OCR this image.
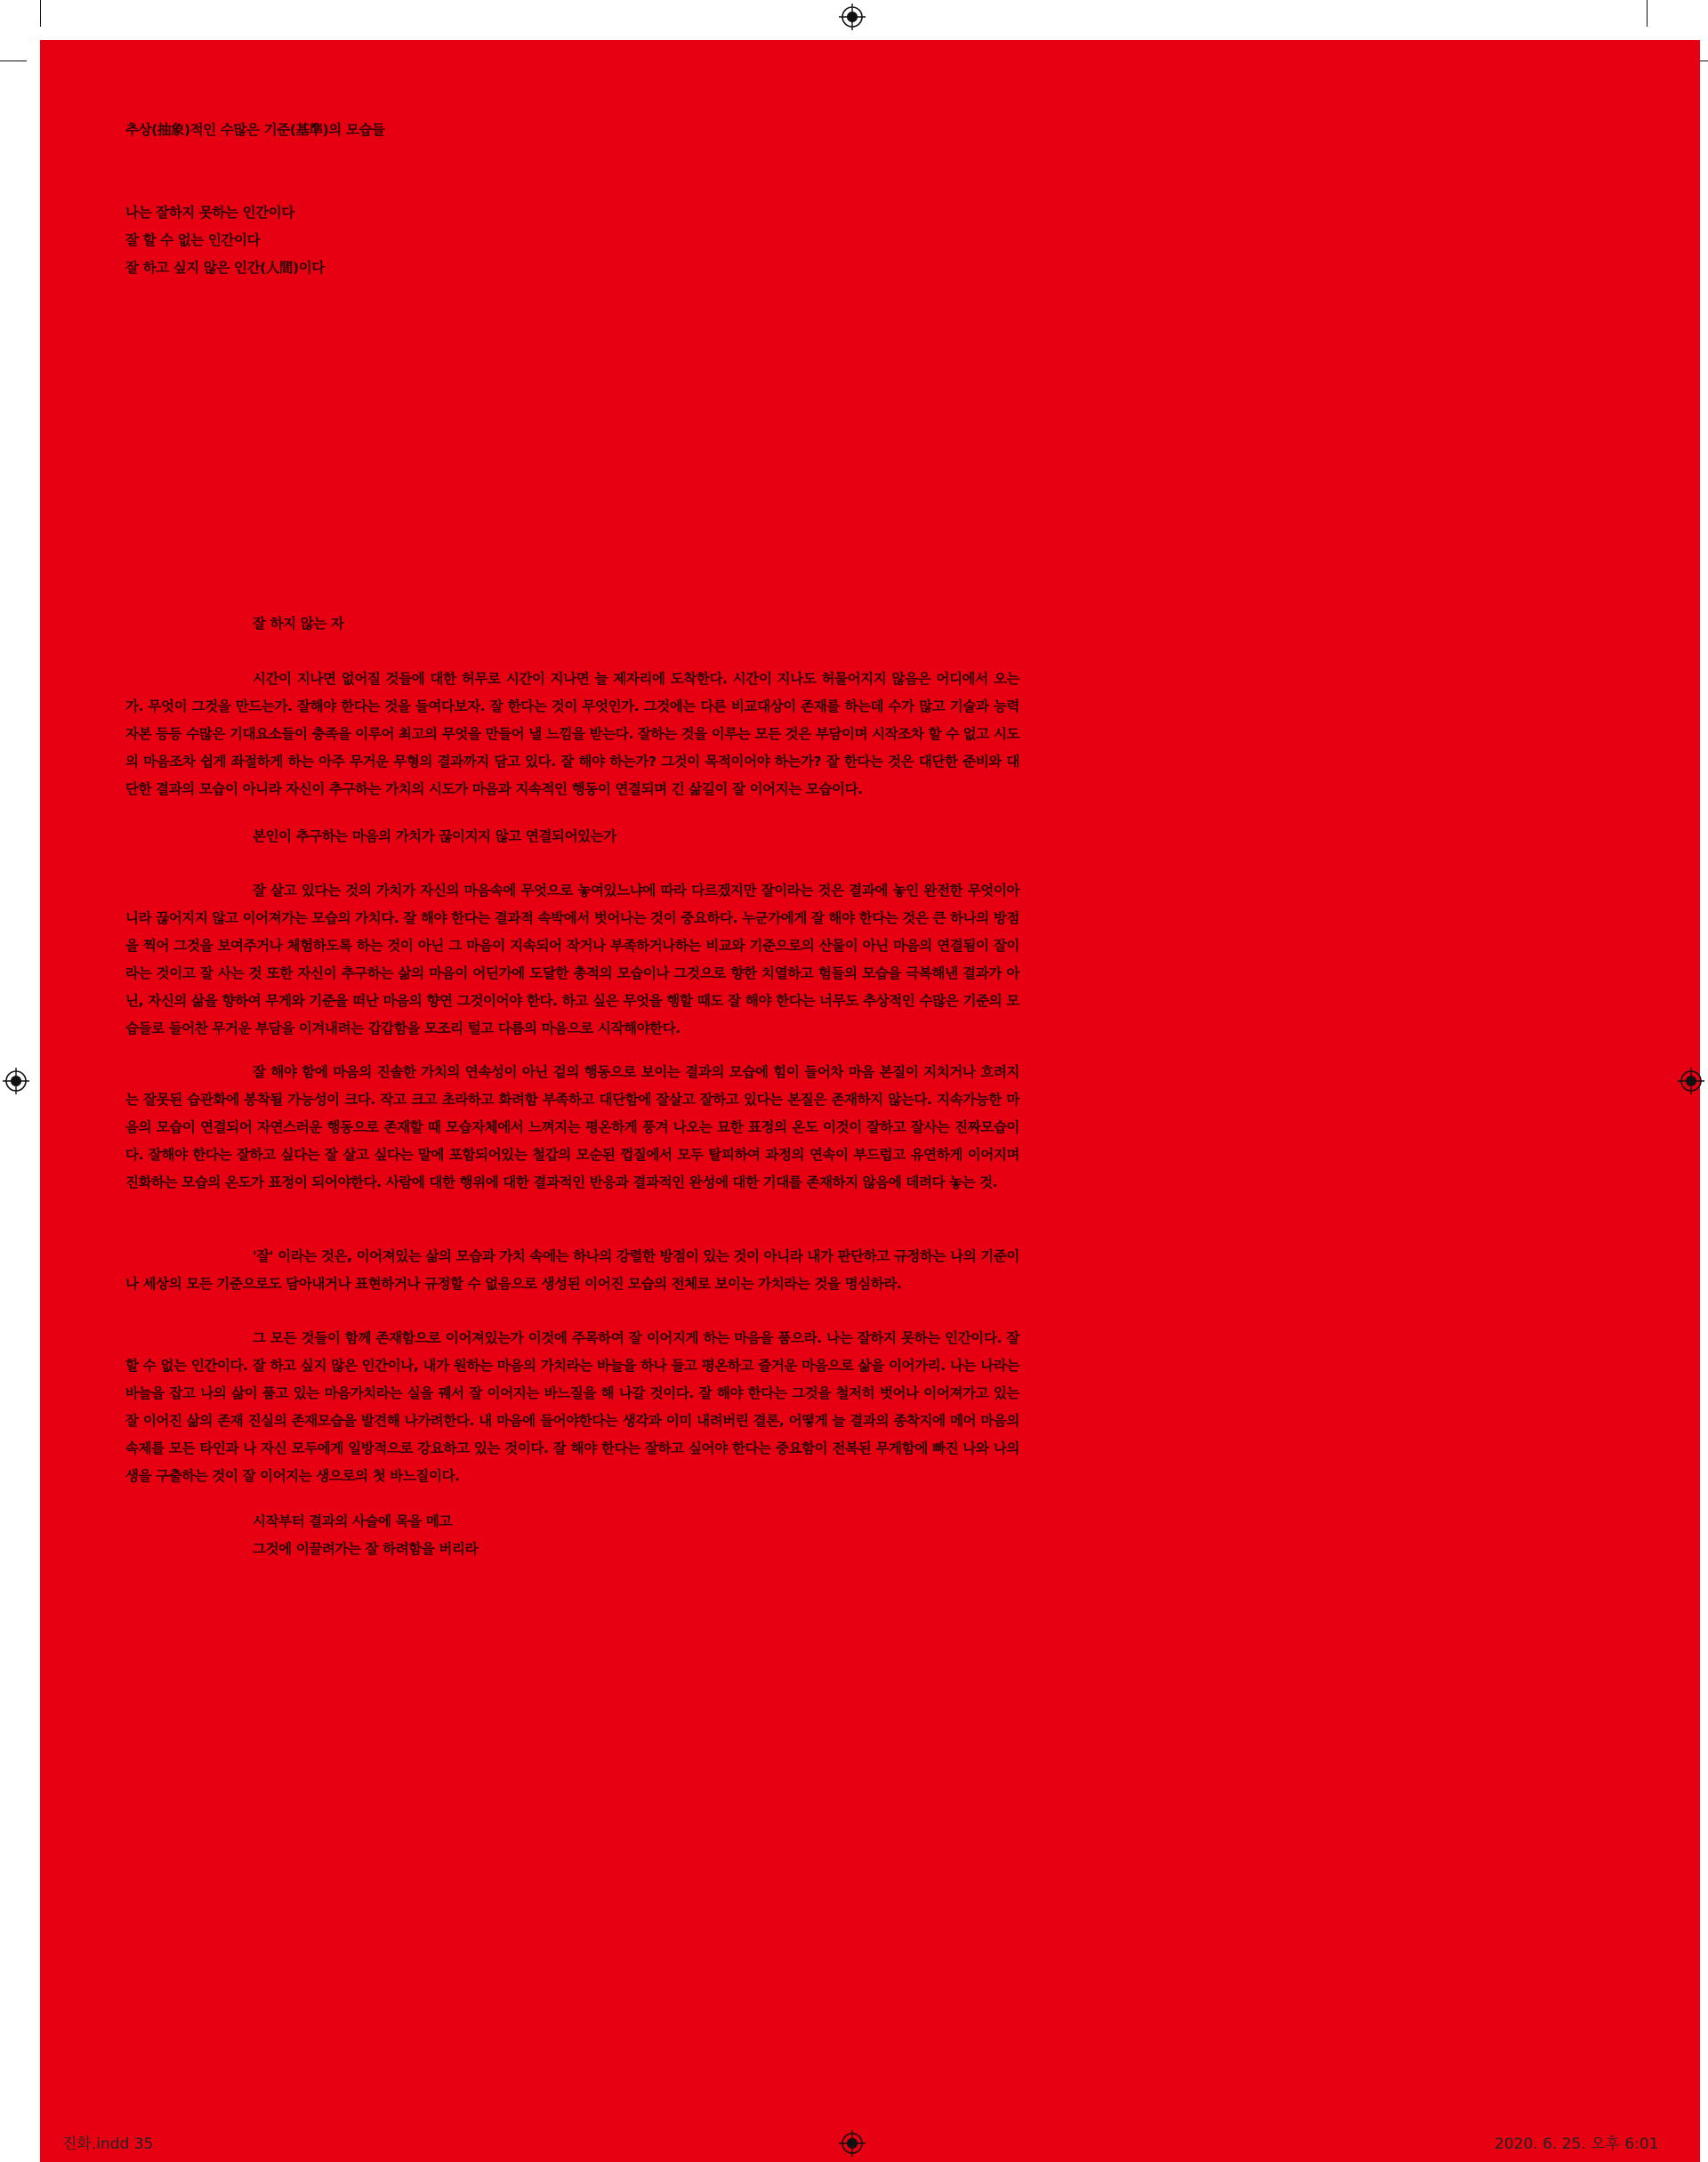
추상(抽象)적인 수많은 기준(基準)의 모습들

나는 잘하지 못하는 인간이다
잘 할 수 없는 인간이다
잘 하고 싶지 않은 인간(人間)이다

잘 하지 않는 자

시간이 지나면 없어질 것들에 대한 허무로 시간이 지나면 늘 제자리에 도착한다. 시간이 지나도 허물어지지 않음은 어디에서 오는가. 무엇이 그것을 만드는가. 잘해야 한다는 것을 들여다보자. 잘 한다는 것이 무엇인가. 그것에는 다른 비교대상이 존재를 하는데 수가 많고 기술과 능력 자본 등등 수많은 기대요소들이 충족을 이루어 최고의 무엇을 만들어 낼 느낌을 받는다. 잘하는 것을 이루는 모든 것은 부담이며 시작조차 할 수 없고 시도의 마음조차 쉽게 좌절하게 하는 아주 무거운 무형의 결과까지 담고 있다. 잘 해야 하는가? 그것이 목적이어야 하는가? 잘 한다는 것은 대단한 준비와 대단한 결과의 모습이 아니라 자신이 추구하는 가치의 시도가 마음과 지속적인 행동이 연결되며 긴 삶길이 잘 이어지는 모습이다.

본인이 추구하는 마음의 가치가 끊이지지 않고 연결되어있는가

잘 살고 있다는 것의 가치가 자신의 마음속에 무엇으로 놓여있느냐에 따라 다르겠지만 잘이라는 것은 결과에 놓인 완전한 무엇이아니라 끊어지지 않고 이어져가는 모습의 가치다. 잘 해야 한다는 결과적 속박에서 벗어나는 것이 중요하다. 누군가에게 잘 해야 한다는 것은 큰 하나의 방점을 찍어 그것을 보여주거나 체험하도록 하는 것이 아닌 그 마음이 지속되어 작거나 부족하거나하는 비교와 기준으로의 산물이 아닌 마음의 연결됨이 잘이라는 것이고 잘 사는 것 또한 자신이 추구하는 삶의 마음이 어딘가에 도달한 총적의 모습이나 그것으로 향한 치열하고 험들의 모습을 극복해낸 결과가 아닌, 자신의 삶을 향하여 무게와 기준을 떠난 마음의 향연 그것이어야 한다. 하고 싶은 무엇을 행할 때도 잘 해야 한다는 너무도 추상적인 수많은 기준의 모습들로 들어찬 무거운 부담을 이겨내려는 갑갑함을 모조리 털고 다름의 마음으로 시작해야한다.

잘 해야 함에 마음의 진솔한 가치의 연속성이 아닌 겉의 행동으로 보이는 결과의 모습에 힘이 들어차 마음 본질이 지치거나 흐려지는 잘못된 습관화에 봉착될 가능성이 크다. 작고 크고 초라하고 화려함 부족하고 대단함에 잘살고 잘하고 있다는 본질은 존재하지 않는다. 지속가능한 마음의 모습이 연결되어 자연스러운 행동으로 존재할 때 모습자체에서 느껴지는 평온하게 풍겨 나오는 묘한 표정의 온도 이것이 잘하고 잘사는 진짜모습이다. 잘해야 한다는 잘하고 싶다는 잘 살고 싶다는 말에 포함되어있는 철갑의 모순된 껍질에서 모두 탈피하여 과정의 연속이 부드럽고 유연하게 이어지며 진화하는 모습의 온도가 표정이 되어야한다. 사람에 대한 행위에 대한 결과적인 반응과 결과적인 완성에 대한 기대를 존재하지 않음에 데려다 놓는 것.

'잘' 이라는 것은, 이어져있는 삶의 모습과 가치 속에는 하나의 강렬한 방점이 있는 것이 아니라 내가 판단하고 규정하는 나의 기준이나 세상의 모든 기준으로도 담아내거나 표현하거나 규정할 수 없음으로 생성된 이어진 모습의 전체로 보이는 가치라는 것을 명심하라.

그 모든 것들이 함께 존재함으로 이어져있는가 이것에 주목하여 잘 이어지게 하는 마음을 품으라. 나는 잘하지 못하는 인간이다. 잘 할 수 없는 인간이다. 잘 하고 싶지 않은 인간이나, 내가 원하는 마음의 가치라는 바늘을 하나 들고 평온하고 즐거운 마음으로 삶을 이어가리. 나는 나라는 바늘을 잡고 나의 삶이 품고 있는 마음가치라는 실을 꿰서 잘 이어지는 바느질을 해 나갈 것이다. 잘 해야 한다는 그것을 철저히 벗어나 이어져가고 있는 잘 이어진 삶의 존재 진실의 존재모습을 발견해 나가려한다. 내 마음에 들어야한다는 생각과 이미 내려버린 결론, 어떻게 늘 결과의 종착지에 메어 마음의 속제를 모든 타인과 나 자신 모두에게 일방적으로 강요하고 있는 것이다. 잘 해야 한다는 잘하고 싶어야 한다는 중요함이 전복된 무게함에 빠진 나와 나의 생을 구출하는 것이 잘 이어지는 생으로의 첫 바느질이다.

시작부터 결과의 사슬에 목을 메고
그것에 이끌려가는 잘 하려함을 버리라
진화.indd 35	2020. 6. 25. 오후 6:01
